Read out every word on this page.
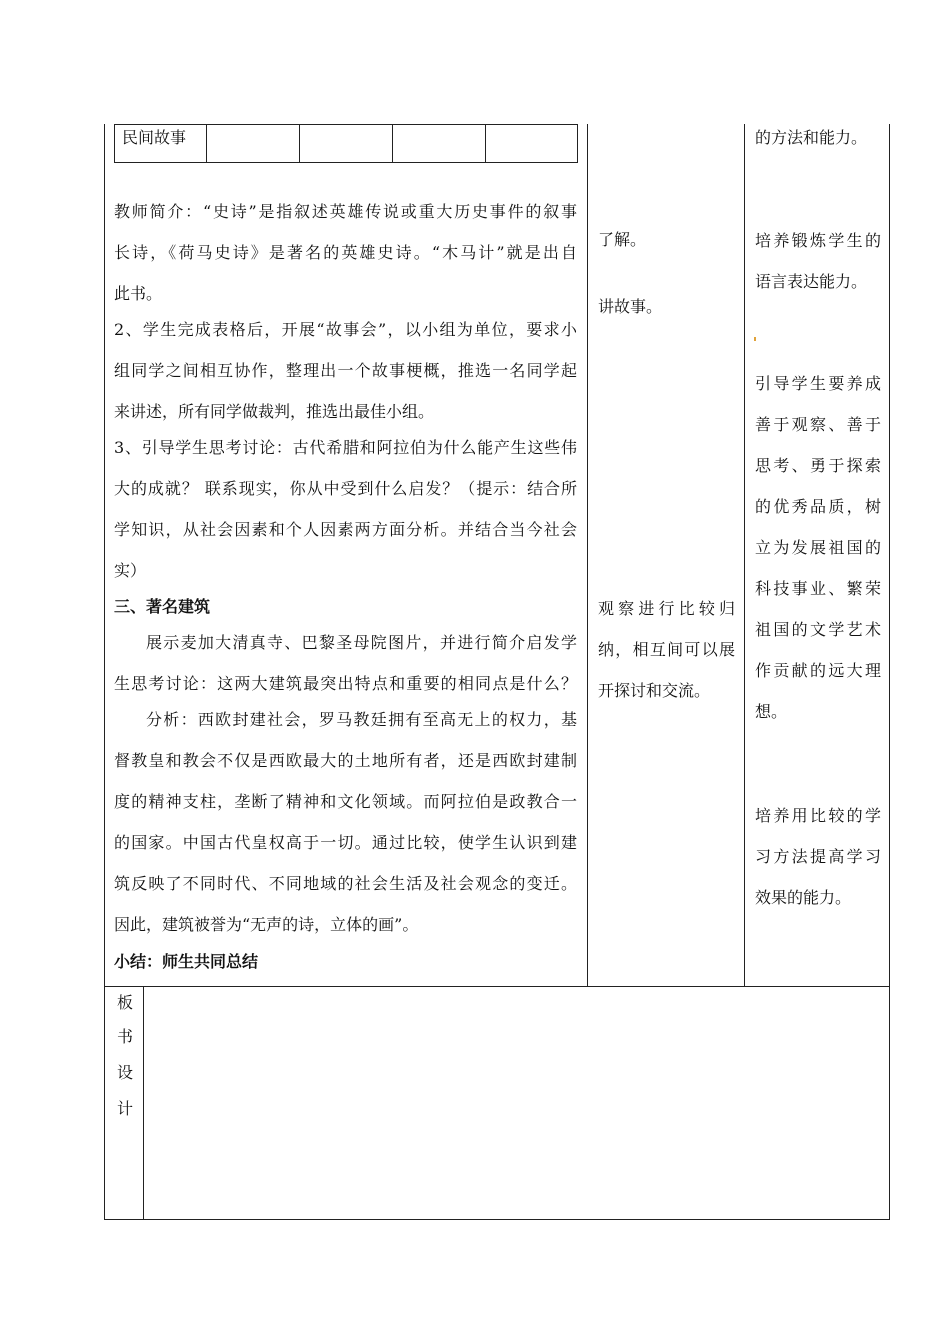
民间故事
教师简介：“史诗”是指叙述英雄传说或重大历史事件的叙事
长诗，《荷马史诗》是著名的英雄史诗。“木马计”就是出自
此书。
2、学生完成表格后，开展“故事会”，以小组为单位，要求小
组同学之间相互协作，整理出一个故事梗概，推选一名同学起
来讲述，所有同学做裁判，推选出最佳小组。
3、引导学生思考讨论：古代希腊和阿拉伯为什么能产生这些伟
大的成就？ 联系现实，你从中受到什么启发？（提示：结合所
学知识，从社会因素和个人因素两方面分析。并结合当今社会
实）
三、著名建筑
展示麦加大清真寺、巴黎圣母院图片，并进行简介启发学
生思考讨论：这两大建筑最突出特点和重要的相同点是什么？
分析：西欧封建社会，罗马教廷拥有至高无上的权力，基
督教皇和教会不仅是西欧最大的土地所有者，还是西欧封建制
度的精神支柱，垄断了精神和文化领域。而阿拉伯是政教合一
的国家。中国古代皇权高于一切。通过比较，使学生认识到建
筑反映了不同时代、不同地域的社会生活及社会观念的变迁。
因此，建筑被誉为“无声的诗，立体的画”。
小结：师生共同总结
了解。
讲故事。
观察进行比较归
纳，相互间可以展
开探讨和交流。
的方法和能力。
培养锻炼学生的
语言表达能力。
引导学生要养成
善于观察、善于
思考、勇于探索
的优秀品质，树
立为发展祖国的
科技事业、繁荣
祖国的文学艺术
作贡献的远大理
想。
培养用比较的学
习方法提高学习
效果的能力。
板
书
设
计
